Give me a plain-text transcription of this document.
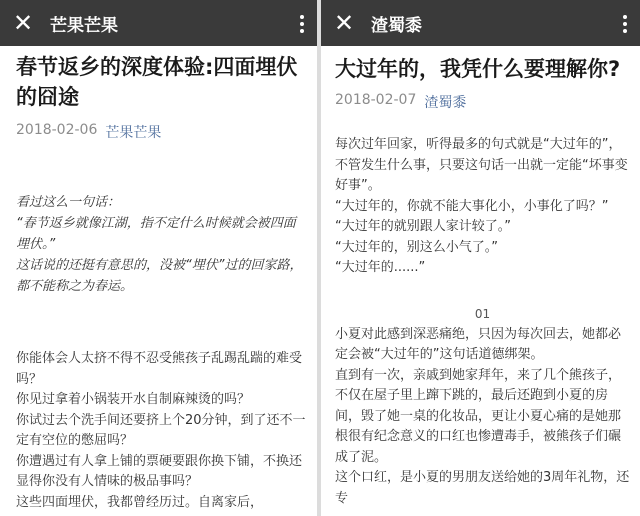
✕ 芒果芒果
春节返乡的深度体验:四面埋伏的囧途
2018-02-06 芒果芒果

看过这么一句话：

“春节返乡就像江湖，指不定什么时候就会被四面埋伏。”

这话说的还挺有意思的，没被“埋伏”过的回家路，都不能称之为春运。

你能体会人太挤不得不忍受熊孩子乱踢乱踹的难受吗？

你见过拿着小锅装开水自制麻辣烫的吗？

你试过去个洗手间还要挤上个20分钟，到了还不一定有空位的憋屈吗？

你遭遇过有人拿上铺的票硬要跟你换下铺，不换还显得你没有人情味的极品事吗？

这些四面埋伏，我都曾经历过。自离家后，

✕ 渣蜀黍
大过年的，我凭什么要理解你?
2018-02-07 渣蜀黍

每次过年回家，听得最多的句式就是“大过年的”，不管发生什么事，只要这句话一出就一定能“坏事变好事”。

“大过年的，你就不能大事化小，小事化了吗？”

“大过年的就别跟人家计较了。”

“大过年的，别这么小气了。”

“大过年的......”

01

小夏对此感到深恶痛绝，只因为每次回去，她都必定会被“大过年的”这句话道德绑架。

直到有一次，亲戚到她家拜年，来了几个熊孩子，不仅在屋子里上蹿下跳的，最后还跑到小夏的房间，毁了她一桌的化妆品，更让小夏心痛的是她那根很有纪念意义的口红也惨遭毒手，被熊孩子们碾成了泥。

这个口红，是小夏的男朋友送给她的3周年礼物，还专
